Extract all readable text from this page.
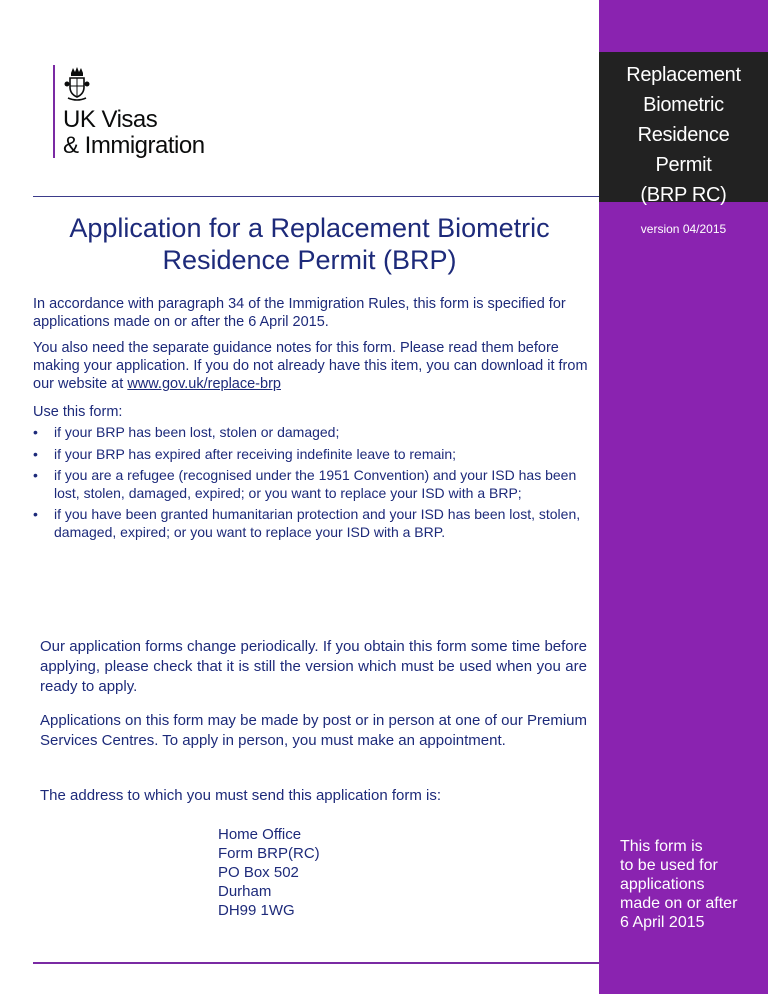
Replacement
Biometric
Residence
Permit
(BRP RC)
version 04/2015
This form is
to be used for
applications
made on or after
6 April 2015
UK Visas
& Immigration
Application for a Replacement Biometric
Residence Permit (BRP)
In accordance with paragraph 34 of the Immigration Rules, this form is specified for applications made on or after the 6 April 2015.
You also need the separate guidance notes for this form. Please read them before making your application. If you do not already have this item, you can download it from our website at www.gov.uk/replace-brp
Use this form:
• if your BRP has been lost, stolen or damaged;
• if your BRP has expired after receiving indefinite leave to remain;
• if you are a refugee (recognised under the 1951 Convention) and your ISD has been lost, stolen, damaged, expired; or you want to replace your ISD with a BRP;
• if you have been granted humanitarian protection and your ISD has been lost, stolen, damaged, expired; or you want to replace your ISD with a BRP.
Our application forms change periodically. If you obtain this form some time before applying, please check that it is still the version which must be used when you are ready to apply.
Applications on this form may be made by post or in person at one of our Premium Services Centres. To apply in person, you must make an appointment.
The address to which you must send this application form is:
Home Office
Form BRP(RC)
PO Box 502
Durham
DH99 1WG
